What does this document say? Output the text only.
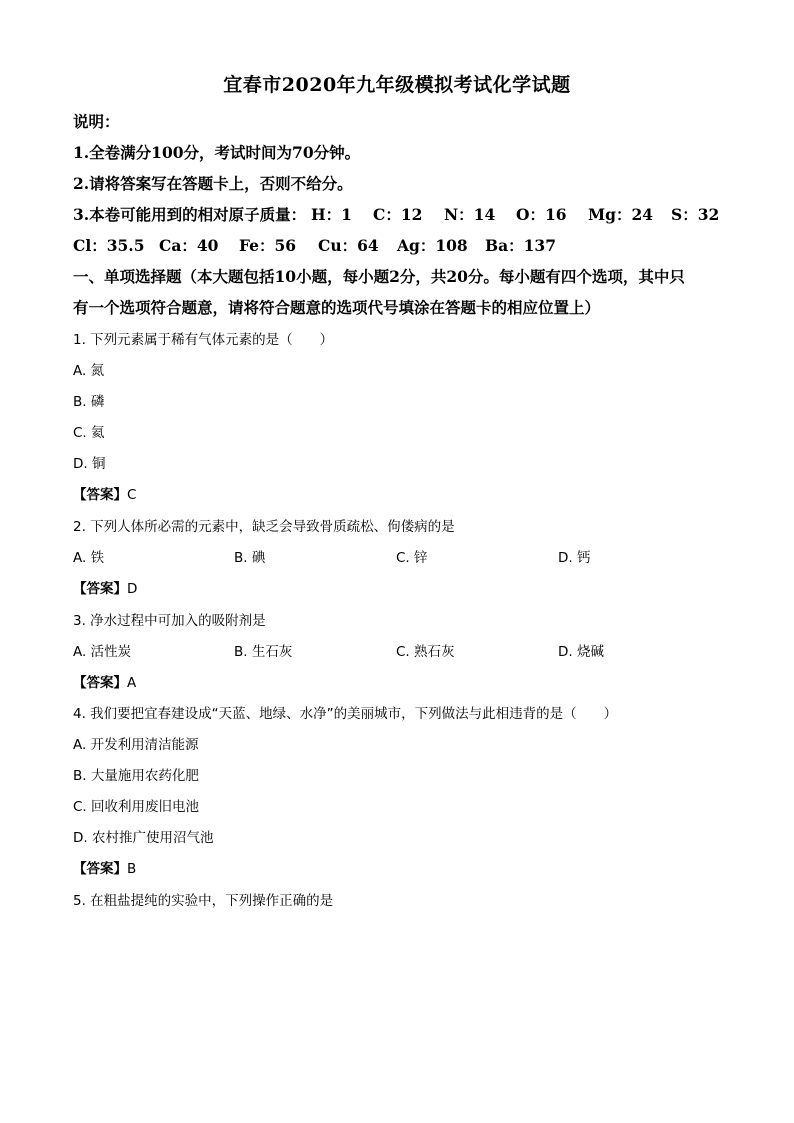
宜春市2020年九年级模拟考试化学试题
说明：
1.全卷满分100分，考试时间为70分钟。
2.请将答案写在答题卡上，否则不给分。
3.本卷可能用到的相对原子质量： H：1 C：12 N：14 O：16 Mg：24 S：32
Cl：35.5 Ca：40 Fe：56 Cu：64 Ag：108 Ba：137
一、单项选择题（本大题包括10小题，每小题2分，共20分。每小题有四个选项，其中只
有一个选项符合题意，请将符合题意的选项代号填涂在答题卡的相应位置上）
1. 下列元素属于稀有气体元素的是（　　）
A. 氮
B. 磷
C. 氦
D. 铜
【答案】C
2. 下列人体所必需的元素中，缺乏会导致骨质疏松、佝偻病的是
A. 铁	B. 碘	C. 锌	D. 钙
【答案】D
3. 净水过程中可加入的吸附剂是
A. 活性炭	B. 生石灰	C. 熟石灰	D. 烧碱
【答案】A
4. 我们要把宜春建设成“天蓝、地绿、水净”的美丽城市，下列做法与此相违背的是（　　）
A. 开发利用清洁能源
B. 大量施用农药化肥
C. 回收利用废旧电池
D. 农村推广使用沼气池
【答案】B
5. 在粗盐提纯的实验中，下列操作正确的是
